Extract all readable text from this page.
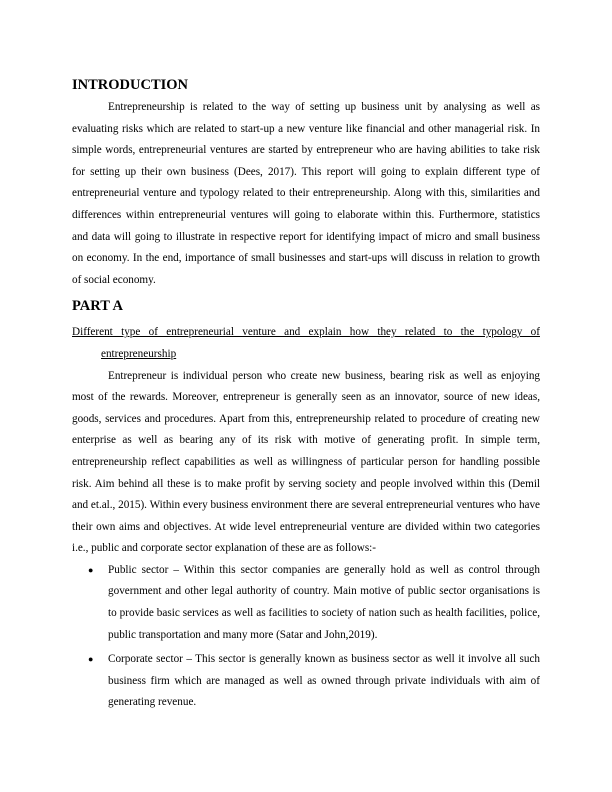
INTRODUCTION

Entrepreneurship is related to the way of setting up business unit by analysing as well as evaluating risks which are related to start-up a new venture like financial and other managerial risk. In simple words, entrepreneurial ventures are started by entrepreneur who are having abilities to take risk for setting up their own business (Dees, 2017). This report will going to explain different type of entrepreneurial venture and typology related to their entrepreneurship. Along with this, similarities and differences within entrepreneurial ventures will going to elaborate within this. Furthermore, statistics and data will going to illustrate in respective report for identifying impact of micro and small business on economy. In the end, importance of small businesses and start-ups will discuss in relation to growth of social economy.

PART A

Different type of entrepreneurial venture and explain how they related to the typology of entrepreneurship

Entrepreneur is individual person who create new business, bearing risk as well as enjoying most of the rewards. Moreover, entrepreneur is generally seen as an innovator, source of new ideas, goods, services and procedures. Apart from this, entrepreneurship related to procedure of creating new enterprise as well as bearing any of its risk with motive of generating profit. In simple term, entrepreneurship reflect capabilities as well as willingness of particular person for handling possible risk. Aim behind all these is to make profit by serving society and people involved within this (Demil and et.al., 2015). Within every business environment there are several entrepreneurial ventures who have their own aims and objectives. At wide level entrepreneurial venture are divided within two categories i.e., public and corporate sector explanation of these are as follows:-

● Public sector – Within this sector companies are generally hold as well as control through government and other legal authority of country. Main motive of public sector organisations is to provide basic services as well as facilities to society of nation such as health facilities, police, public transportation and many more (Satar and John,2019).
● Corporate sector – This sector is generally known as business sector as well it involve all such business firm which are managed as well as owned through private individuals with aim of generating revenue.
